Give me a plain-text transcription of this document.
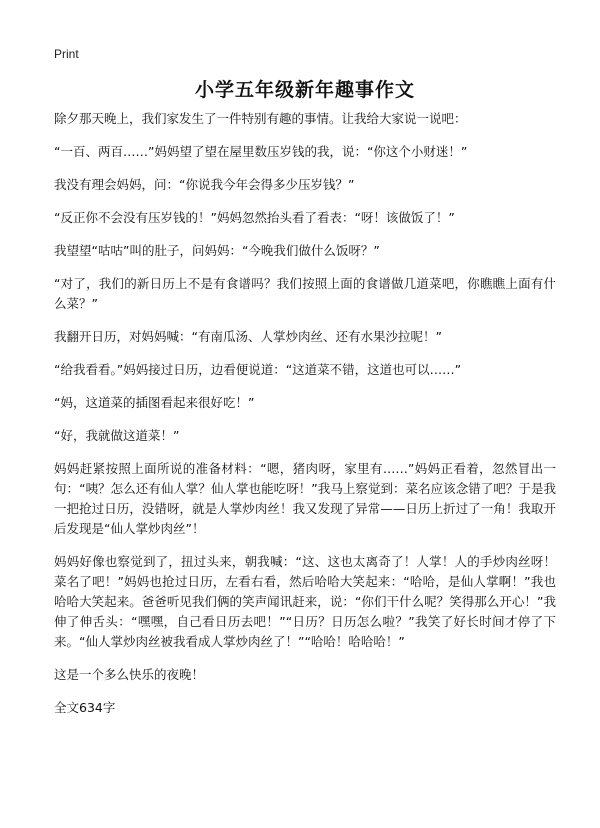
Print
小学五年级新年趣事作文

除夕那天晚上，我们家发生了一件特别有趣的事情。让我给大家说一说吧：

“一百、两百……”妈妈望了望在屋里数压岁钱的我，说：“你这个小财迷！”

我没有理会妈妈，问：“你说我今年会得多少压岁钱？”

“反正你不会没有压岁钱的！”妈妈忽然抬头看了看表：“呀！该做饭了！”

我望望“咕咕”叫的肚子，问妈妈：“今晚我们做什么饭呀？”

“对了，我们的新日历上不是有食谱吗？我们按照上面的食谱做几道菜吧，你瞧瞧上面有什么菜？”

我翻开日历，对妈妈喊：“有南瓜汤、人掌炒肉丝、还有水果沙拉呢！”

“给我看看。”妈妈接过日历，边看便说道：“这道菜不错，这道也可以……”

“妈，这道菜的插图看起来很好吃！”

“好，我就做这道菜！”

妈妈赶紧按照上面所说的准备材料：“嗯，猪肉呀，家里有……”妈妈正看着，忽然冒出一句：“咦？怎么还有仙人掌？仙人掌也能吃呀！”我马上察觉到：菜名应该念错了吧？于是我一把抢过日历，没错呀，就是人掌炒肉丝！我又发现了异常——日历上折过了一角！我取开后发现是“仙人掌炒肉丝”！

妈妈好像也察觉到了，扭过头来，朝我喊：“这、这也太离奇了！人掌！人的手炒肉丝呀！菜名了吧！”妈妈也抢过日历，左看右看，然后哈哈大笑起来：“哈哈，是仙人掌啊！”我也哈哈大笑起来。爸爸听见我们俩的笑声闻讯赶来，说：“你们干什么呢？笑得那么开心！”我伸了伸舌头：“嘿嘿，自己看日历去吧！”“日历？日历怎么啦？”我笑了好长时间才停了下来。“仙人掌炒肉丝被我看成人掌炒肉丝了！”“哈哈！哈哈哈！”

这是一个多么快乐的夜晚！

全文634字
